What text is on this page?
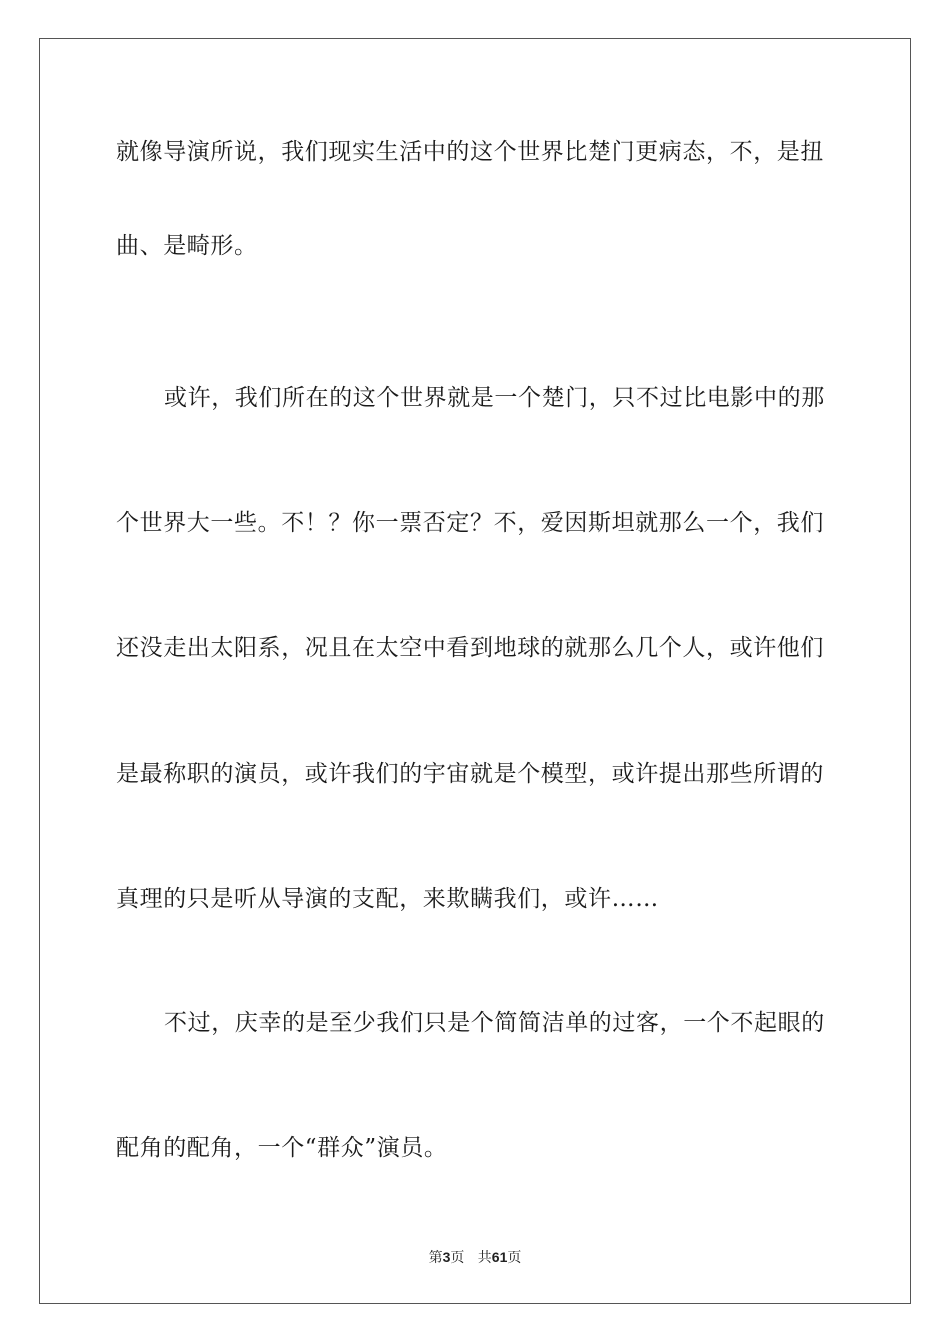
就像导演所说，我们现实生活中的这个世界比楚门更病态，不，是扭
曲、是畸形。
或许，我们所在的这个世界就是一个楚门，只不过比电影中的那
个世界大一些。不！？你一票否定？不，爱因斯坦就那么一个，我们
还没走出太阳系，况且在太空中看到地球的就那么几个人，或许他们
是最称职的演员，或许我们的宇宙就是个模型，或许提出那些所谓的
真理的只是听从导演的支配，来欺瞒我们，或许……
不过，庆幸的是至少我们只是个简简洁单的过客，一个不起眼的
配角的配角，一个“群众”演员。
第3页 共61页
